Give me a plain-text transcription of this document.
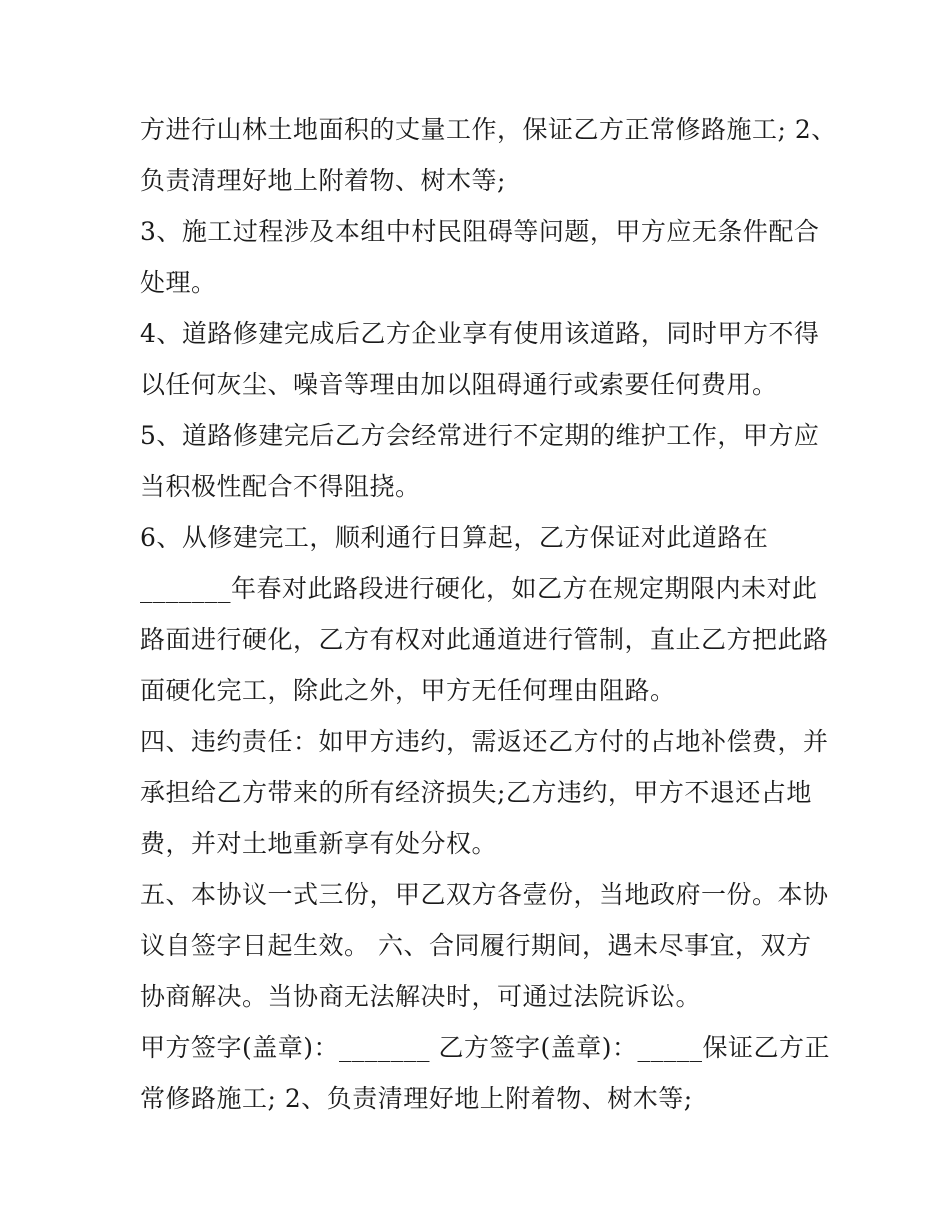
方进行山林土地面积的丈量工作，保证乙方正常修路施工; 2、
负责清理好地上附着物、树木等;
3、施工过程涉及本组中村民阻碍等问题，甲方应无条件配合
处理。
4、道路修建完成后乙方企业享有使用该道路，同时甲方不得
以任何灰尘、噪音等理由加以阻碍通行或索要任何费用。
5、道路修建完后乙方会经常进行不定期的维护工作，甲方应
当积极性配合不得阻挠。
6、从修建完工，顺利通行日算起，乙方保证对此道路在
_______年春对此路段进行硬化，如乙方在规定期限内未对此
路面进行硬化，乙方有权对此通道进行管制，直止乙方把此路
面硬化完工，除此之外，甲方无任何理由阻路。
四、违约责任：如甲方违约，需返还乙方付的占地补偿费，并
承担给乙方带来的所有经济损失;乙方违约，甲方不退还占地
费，并对土地重新享有处分权。
五、本协议一式三份，甲乙双方各壹份，当地政府一份。本协
议自签字日起生效。 六、合同履行期间，遇未尽事宜，双方
协商解决。当协商无法解决时，可通过法院诉讼。
甲方签字(盖章)：_______ 乙方签字(盖章)：_____保证乙方正
常修路施工; 2、负责清理好地上附着物、树木等;
